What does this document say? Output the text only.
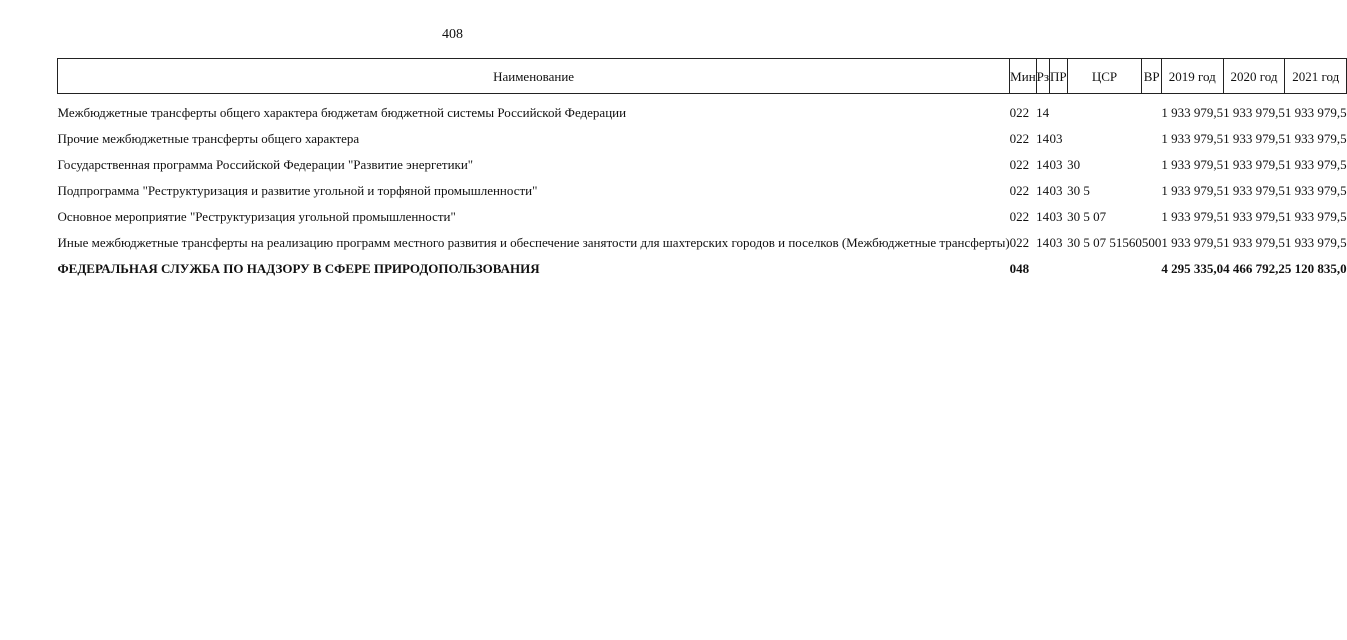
408
Наименование	Мин	Рз	ПР	ЦСР	ВР	2019 год	2020 год	2021 год

Межбюджетные трансферты общего характера бюджетам бюджетной системы Российской Федерации	022	14				1 933 979,5	1 933 979,5	1 933 979,5

Прочие межбюджетные трансферты общего характера	022	14	03			1 933 979,5	1 933 979,5	1 933 979,5

Государственная программа Российской Федерации "Развитие энергетики"	022	14	03	30		1 933 979,5	1 933 979,5	1 933 979,5

Подпрограмма "Реструктуризация и развитие угольной и торфяной промышленности"	022	14	03	30 5		1 933 979,5	1 933 979,5	1 933 979,5

Основное мероприятие "Реструктуризация угольной промышленности"	022	14	03	30 5 07		1 933 979,5	1 933 979,5	1 933 979,5

Иные межбюджетные трансферты на реализацию программ местного развития и обеспечение занятости для шахтерских городов и поселков (Межбюджетные трансферты)	022	14	03	30 5 07 51560	500	1 933 979,5	1 933 979,5	1 933 979,5

ФЕДЕРАЛЬНАЯ СЛУЖБА ПО НАДЗОРУ В СФЕРЕ ПРИРОДОПОЛЬЗОВАНИЯ	048					4 295 335,0	4 466 792,2	5 120 835,0
